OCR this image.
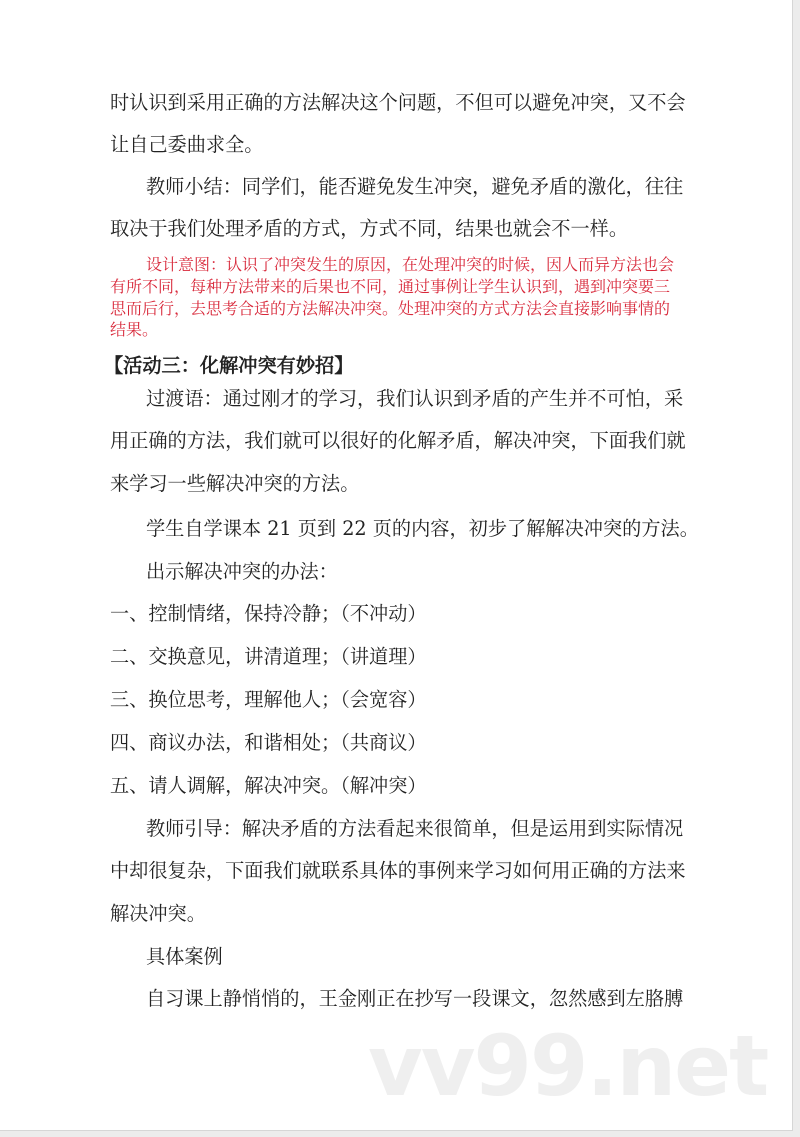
时认识到采用正确的方法解决这个问题，不但可以避免冲突，又不会
让自己委曲求全。
教师小结：同学们，能否避免发生冲突，避免矛盾的激化，往往
取决于我们处理矛盾的方式，方式不同，结果也就会不一样。
设计意图：认识了冲突发生的原因，在处理冲突的时候，因人而异方法也会
有所不同，每种方法带来的后果也不同，通过事例让学生认识到，遇到冲突要三
思而后行，去思考合适的方法解决冲突。处理冲突的方式方法会直接影响事情的
结果。
【活动三：化解冲突有妙招】
过渡语：通过刚才的学习，我们认识到矛盾的产生并不可怕，采
用正确的方法，我们就可以很好的化解矛盾，解决冲突，下面我们就
来学习一些解决冲突的方法。
学生自学课本 21 页到 22 页的内容，初步了解解决冲突的方法。
出示解决冲突的办法：
一、控制情绪，保持冷静；（不冲动）
二、交换意见，讲清道理；（讲道理）
三、换位思考，理解他人；（会宽容）
四、商议办法，和谐相处；（共商议）
五、请人调解，解决冲突。（解冲突）
教师引导：解决矛盾的方法看起来很简单，但是运用到实际情况
中却很复杂，下面我们就联系具体的事例来学习如何用正确的方法来
解决冲突。
具体案例
自习课上静悄悄的，王金刚正在抄写一段课文，忽然感到左胳膊
vv99.net
